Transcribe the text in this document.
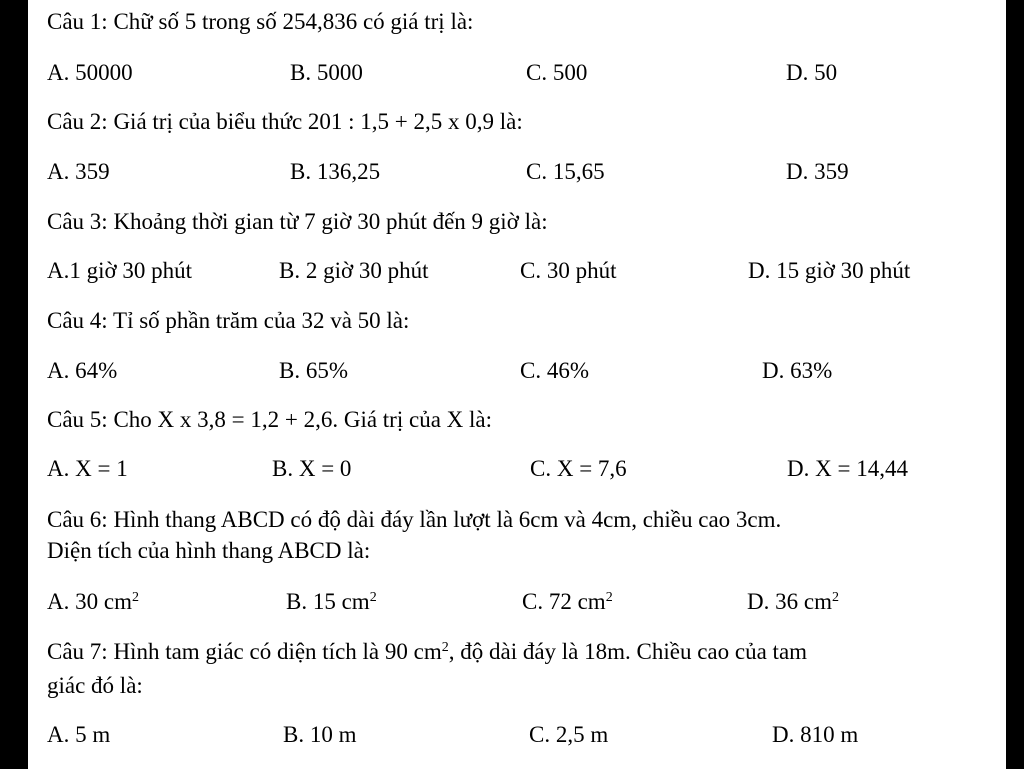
Câu 1: Chữ số 5 trong số 254,836 có giá trị là:
A. 50000	B. 5000	C. 500	D. 50
Câu 2: Giá trị của biểu thức 201 : 1,5 + 2,5 x 0,9 là:
A. 359	B. 136,25	C. 15,65	D. 359
Câu 3: Khoảng thời gian từ 7 giờ 30 phút đến 9 giờ là:
A.1 giờ 30 phút	B. 2 giờ 30 phút	C. 30 phút	D. 15 giờ 30 phút
Câu 4: Tỉ số phần trăm của 32 và 50 là:
A. 64%	B. 65%	C. 46%	D. 63%
Câu 5: Cho X x 3,8 = 1,2 + 2,6. Giá trị của X là:
A. X = 1	B. X = 0	C. X = 7,6	D. X = 14,44
Câu 6: Hình thang ABCD có độ dài đáy lần lượt là 6cm và 4cm, chiều cao 3cm.
Diện tích của hình thang ABCD là:
A. 30 $cm^2$	B. 15 $cm^2$	C. 72 $cm^2$	D. 36 $cm^2$
Câu 7: Hình tam giác có diện tích là 90 $cm^2$, độ dài đáy là 18m. Chiều cao của tam
giác đó là:
A. 5 m	B. 10 m	C. 2,5 m	D. 810 m
